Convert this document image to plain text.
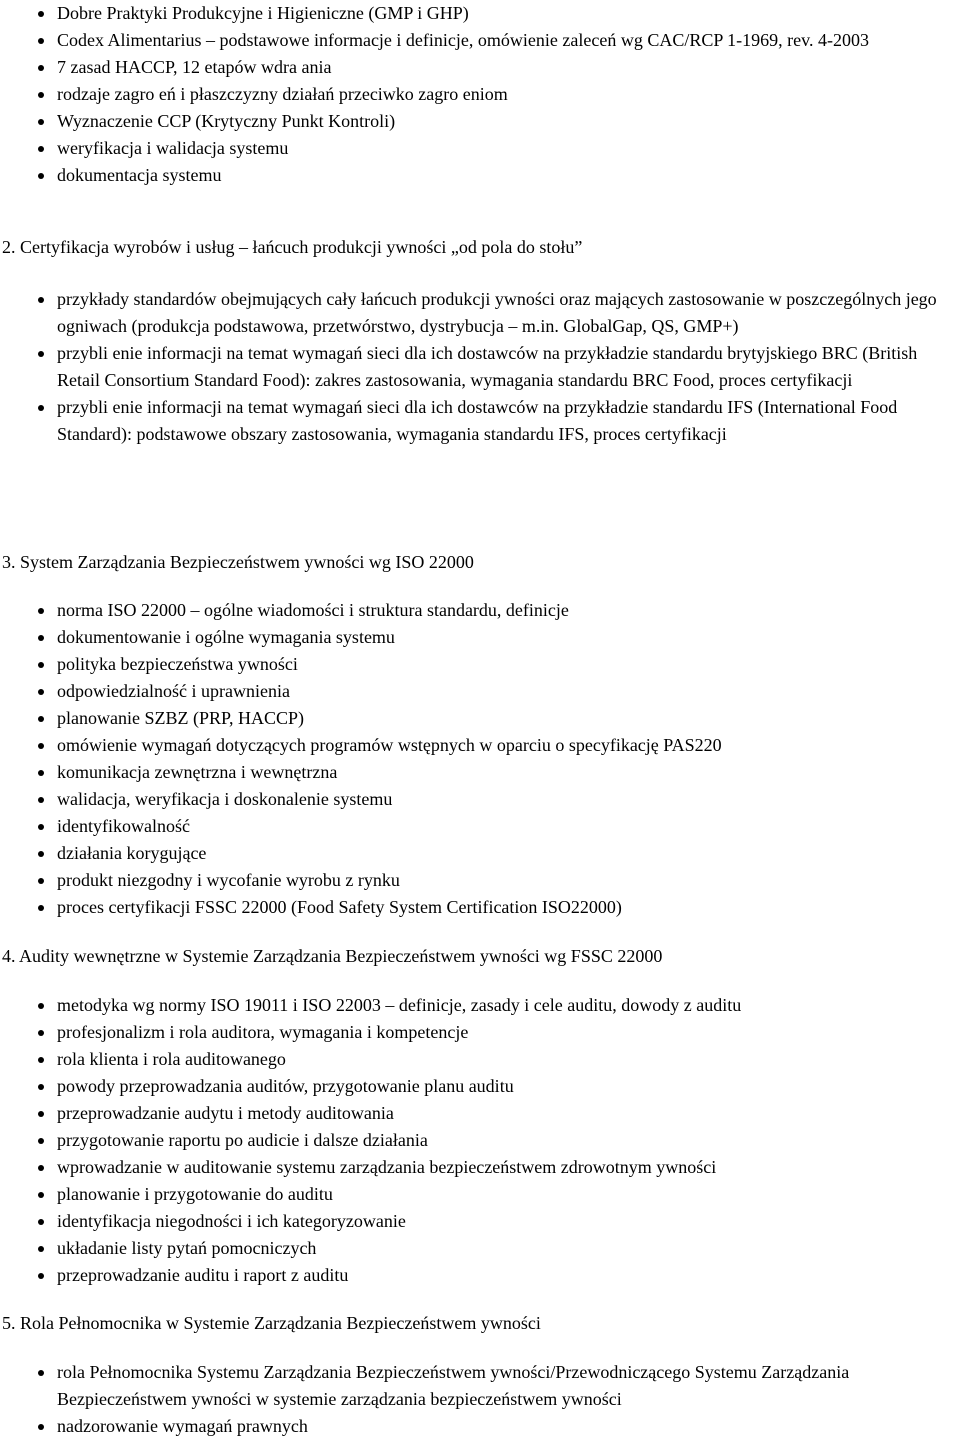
Dobre Praktyki Produkcyjne i Higieniczne (GMP i GHP)
Codex Alimentarius – podstawowe informacje i definicje, omówienie zaleceń wg CAC/RCP 1-1969, rev. 4-2003
7 zasad HACCP, 12 etapów wdra ania
rodzaje zagro eń i płaszczyzny działań przeciwko zagro eniom
Wyznaczenie CCP (Krytyczny Punkt Kontroli)
weryfikacja i walidacja systemu
dokumentacja systemu

2. Certyfikacja wyrobów i usług – łańcuch produkcji ywności „od pola do stołu”

przykłady standardów obejmujących cały łańcuch produkcji ywności oraz mających zastosowanie w poszczególnych jego ogniwach (produkcja podstawowa, przetwórstwo, dystrybucja – m.in. GlobalGap, QS, GMP+)
przybli enie informacji na temat wymagań sieci dla ich dostawców na przykładzie standardu brytyjskiego BRC (British Retail Consortium Standard Food): zakres zastosowania, wymagania standardu BRC Food, proces certyfikacji
przybli enie informacji na temat wymagań sieci dla ich dostawców na przykładzie standardu IFS (International Food Standard): podstawowe obszary zastosowania, wymagania standardu IFS, proces certyfikacji

3. System Zarządzania Bezpieczeństwem ywności wg ISO 22000

norma ISO 22000 – ogólne wiadomości i struktura standardu, definicje
dokumentowanie i ogólne wymagania systemu
polityka bezpieczeństwa ywności
odpowiedzialność i uprawnienia
planowanie SZBZ (PRP, HACCP)
omówienie wymagań dotyczących programów wstępnych w oparciu o specyfikację PAS220
komunikacja zewnętrzna i wewnętrzna
walidacja, weryfikacja i doskonalenie systemu
identyfikowalność
działania korygujące
produkt niezgodny i wycofanie wyrobu z rynku
proces certyfikacji FSSC 22000 (Food Safety System Certification ISO22000)

4. Audity wewnętrzne w Systemie Zarządzania Bezpieczeństwem ywności wg FSSC 22000

metodyka wg normy ISO 19011 i ISO 22003 – definicje, zasady i cele auditu, dowody z auditu
profesjonalizm i rola auditora, wymagania i kompetencje
rola klienta i rola auditowanego
powody przeprowadzania auditów, przygotowanie planu auditu
przeprowadzanie audytu i metody auditowania
przygotowanie raportu po audicie i dalsze działania
wprowadzanie w auditowanie systemu zarządzania bezpieczeństwem zdrowotnym ywności
planowanie i przygotowanie do auditu
identyfikacja niegodności i ich kategoryzowanie
układanie listy pytań pomocniczych
przeprowadzanie auditu i raport z auditu

5. Rola Pełnomocnika w Systemie Zarządzania Bezpieczeństwem ywności

rola Pełnomocnika Systemu Zarządzania Bezpieczeństwem ywności/Przewodniczącego Systemu Zarządzania Bezpieczeństwem ywności w systemie zarządzania bezpieczeństwem ywności
nadzorowanie wymagań prawnych
